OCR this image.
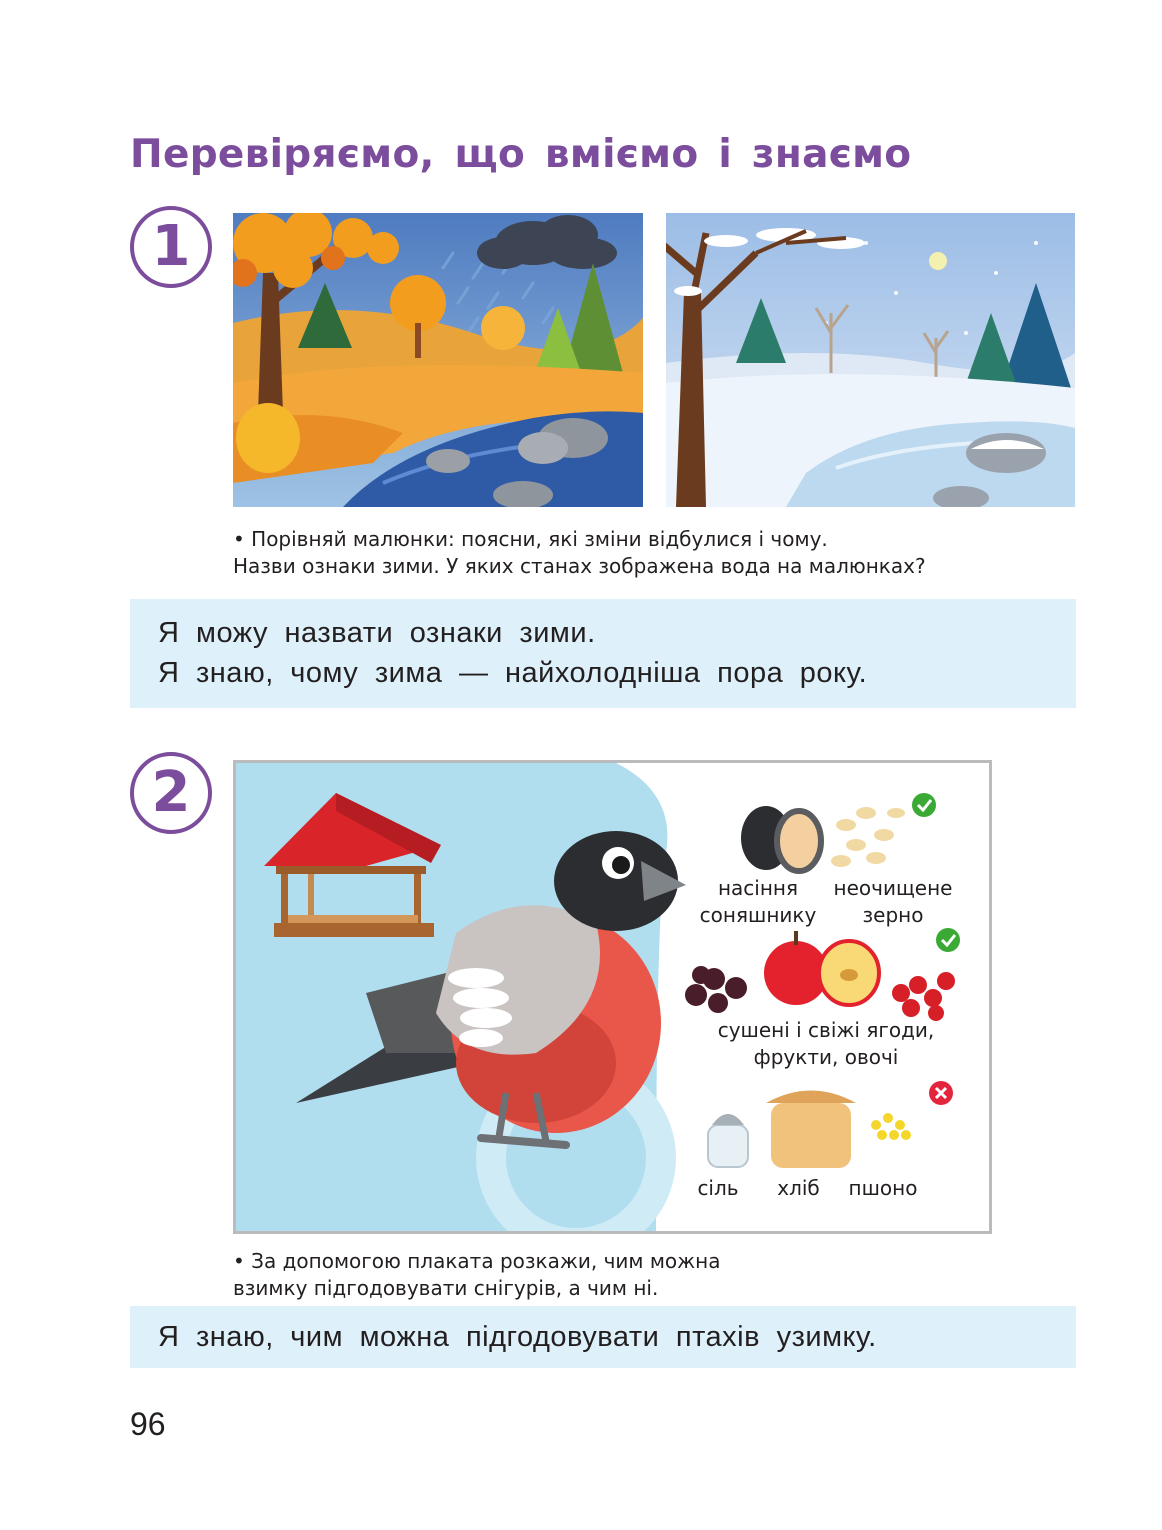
Перевіряємо, що вміємо і знаємо
1
• Порівняй малюнки: поясни, які зміни відбулися і чому.
Назви ознаки зими. У яких станах зображена вода на малюнках?
Я можу назвати ознаки зими.
Я знаю, чому зима — найхолодніша пора року.
2
насіння
соняшнику
неочищене
зерно
сушені і свіжі ягоди,
фрукти, овочі
сіль	хліб	пшоно
• За допомогою плаката розкажи, чим можна
взимку підгодовувати снігурів, а чим ні.
Я знаю, чим можна підгодовувати птахів узимку.
96
